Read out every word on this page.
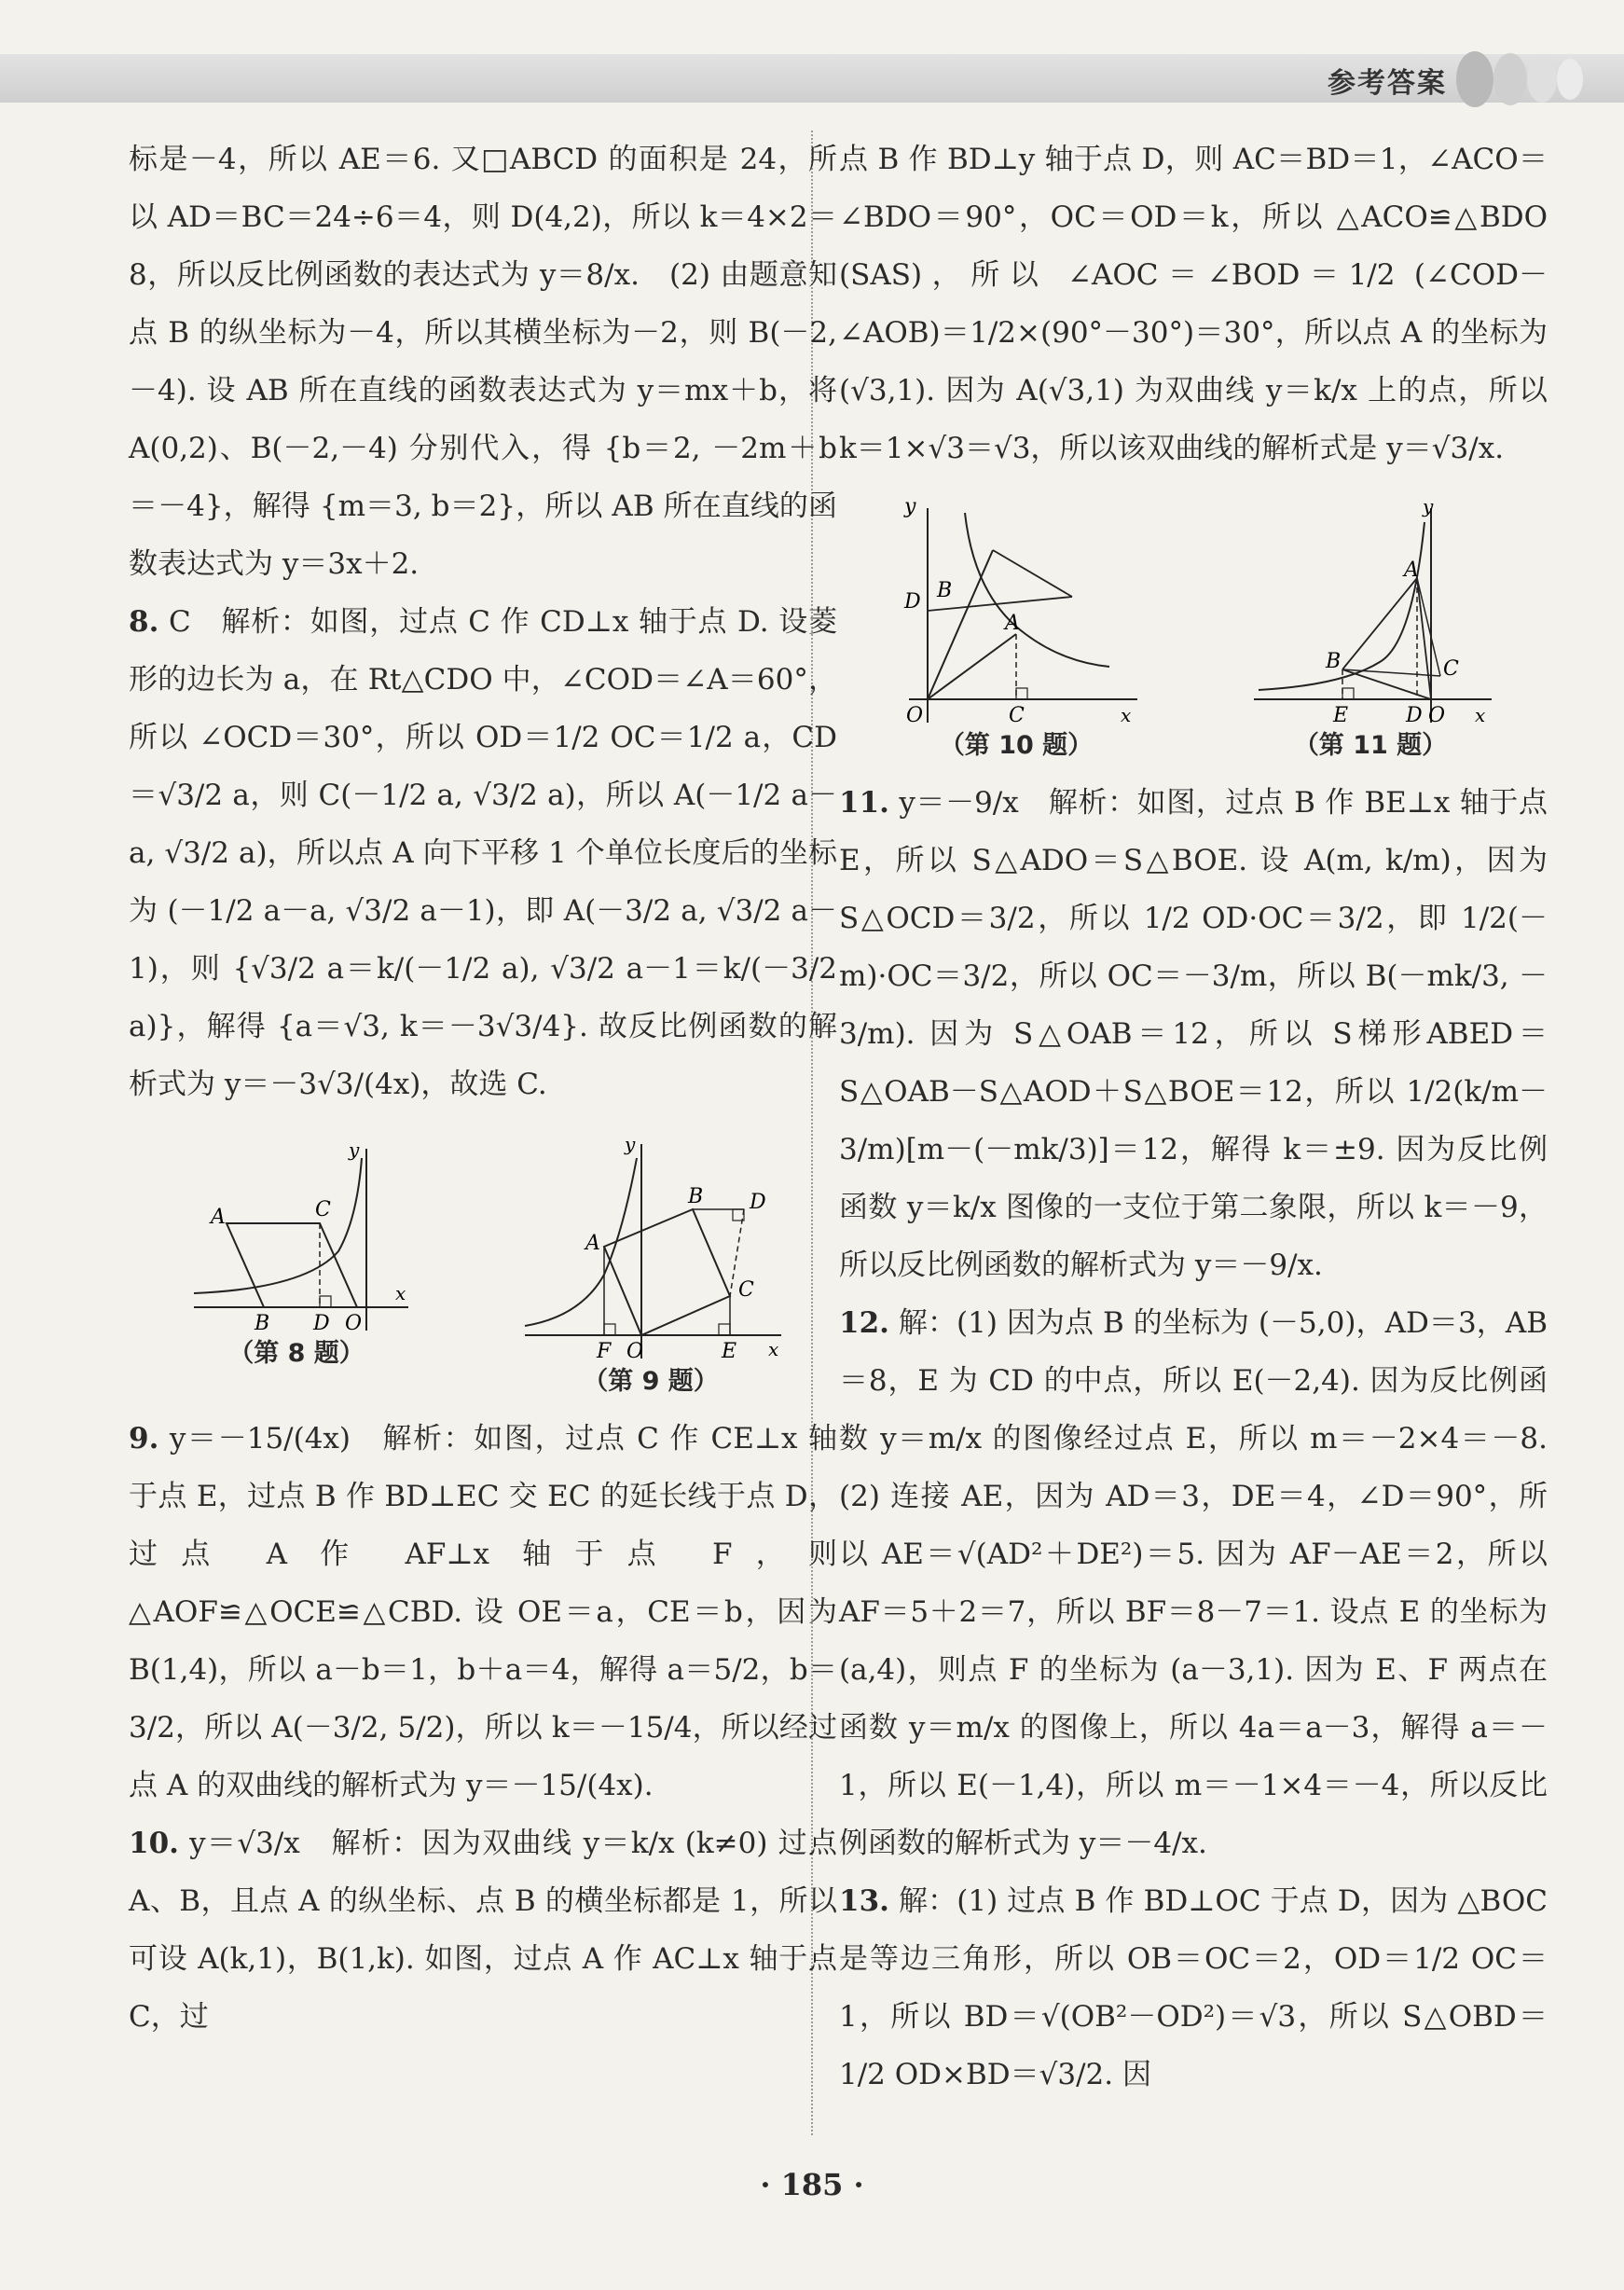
参考答案

标是－4，所以 AE＝6. 又□ABCD 的面积是 24，所以 AD＝BC＝24÷6＝4，则 D(4,2)，所以 k＝4×2＝8，所以反比例函数的表达式为 y＝8/x.　(2) 由题意知点 B 的纵坐标为－4，所以其横坐标为－2，则 B(－2,－4). 设 AB 所在直线的函数表达式为 y＝mx＋b，将 A(0,2)、B(－2,－4) 分别代入，得 {b＝2, －2m＋b＝－4}，解得 {m＝3, b＝2}，所以 AB 所在直线的函数表达式为 y＝3x＋2.

8. C　解析：如图，过点 C 作 CD⊥x 轴于点 D. 设菱形的边长为 a，在 Rt△CDO 中，∠COD＝∠A＝60°，所以 ∠OCD＝30°，所以 OD＝1/2 OC＝1/2 a，CD＝√3/2 a，则 C(－1/2 a, √3/2 a)，所以 A(－1/2 a－a, √3/2 a)，所以点 A 向下平移 1 个单位长度后的坐标为 (－1/2 a－a, √3/2 a－1)，即 A(－3/2 a, √3/2 a－1)，则 {√3/2 a＝k/(－1/2 a), √3/2 a－1＝k/(－3/2 a)}，解得 {a＝√3, k＝－3√3/4}. 故反比例函数的解析式为 y＝－3√3/(4x)，故选 C.

A	C
B D O
x
y
（第 8 题）
A
B
C
D
E
F O	x
y
（第 9 题）

9. y＝－15/(4x)　解析：如图，过点 C 作 CE⊥x 轴于点 E，过点 B 作 BD⊥EC 交 EC 的延长线于点 D，过点 A 作 AF⊥x 轴于点 F，则 △AOF≌△OCE≌△CBD. 设 OE＝a，CE＝b，因为 B(1,4)，所以 a－b＝1，b＋a＝4，解得 a＝5/2，b＝3/2，所以 A(－3/2, 5/2)，所以 k＝－15/4，所以经过点 A 的双曲线的解析式为 y＝－15/(4x).

10. y＝√3/x　解析：因为双曲线 y＝k/x (k≠0) 过点 A、B，且点 A 的纵坐标、点 B 的横坐标都是 1，所以可设 A(k,1)，B(1,k). 如图，过点 A 作 AC⊥x 轴于点 C，过

点 B 作 BD⊥y 轴于点 D，则 AC＝BD＝1，∠ACO＝∠BDO＝90°，OC＝OD＝k，所以 △ACO≌△BDO (SAS)，所以 ∠AOC＝∠BOD＝1/2 (∠COD－∠AOB)＝1/2×(90°－30°)＝30°，所以点 A 的坐标为 (√3,1). 因为 A(√3,1) 为双曲线 y＝k/x 上的点，所以 k＝1×√3＝√3，所以该双曲线的解析式是 y＝√3/x.

y
D B
A
O	C	x
（第 10 题）
y
A
B	C
E	D O x
（第 11 题）

11. y＝－9/x　解析：如图，过点 B 作 BE⊥x 轴于点 E，所以 S△ADO＝S△BOE. 设 A(m, k/m)，因为 S△OCD＝3/2，所以 1/2 OD·OC＝3/2，即 1/2(－m)·OC＝3/2，所以 OC＝－3/m，所以 B(－mk/3, －3/m). 因为 S△OAB＝12，所以 S梯形ABED＝S△OAB－S△AOD＋S△BOE＝12，所以 1/2(k/m－3/m)[m－(－mk/3)]＝12，解得 k＝±9. 因为反比例函数 y＝k/x 图像的一支位于第二象限，所以 k＝－9，所以反比例函数的解析式为 y＝－9/x.

12. 解：(1) 因为点 B 的坐标为 (－5,0)，AD＝3，AB＝8，E 为 CD 的中点，所以 E(－2,4). 因为反比例函数 y＝m/x 的图像经过点 E，所以 m＝－2×4＝－8.　(2) 连接 AE，因为 AD＝3，DE＝4，∠D＝90°，所以 AE＝√(AD²＋DE²)＝5. 因为 AF－AE＝2，所以 AF＝5＋2＝7，所以 BF＝8－7＝1. 设点 E 的坐标为 (a,4)，则点 F 的坐标为 (a－3,1). 因为 E、F 两点在函数 y＝m/x 的图像上，所以 4a＝a－3，解得 a＝－1，所以 E(－1,4)，所以 m＝－1×4＝－4，所以反比例函数的解析式为 y＝－4/x.

13. 解：(1) 过点 B 作 BD⊥OC 于点 D，因为 △BOC 是等边三角形，所以 OB＝OC＝2，OD＝1/2 OC＝1，所以 BD＝√(OB²－OD²)＝√3，所以 S△OBD＝1/2 OD×BD＝√3/2. 因

· 185 ·
